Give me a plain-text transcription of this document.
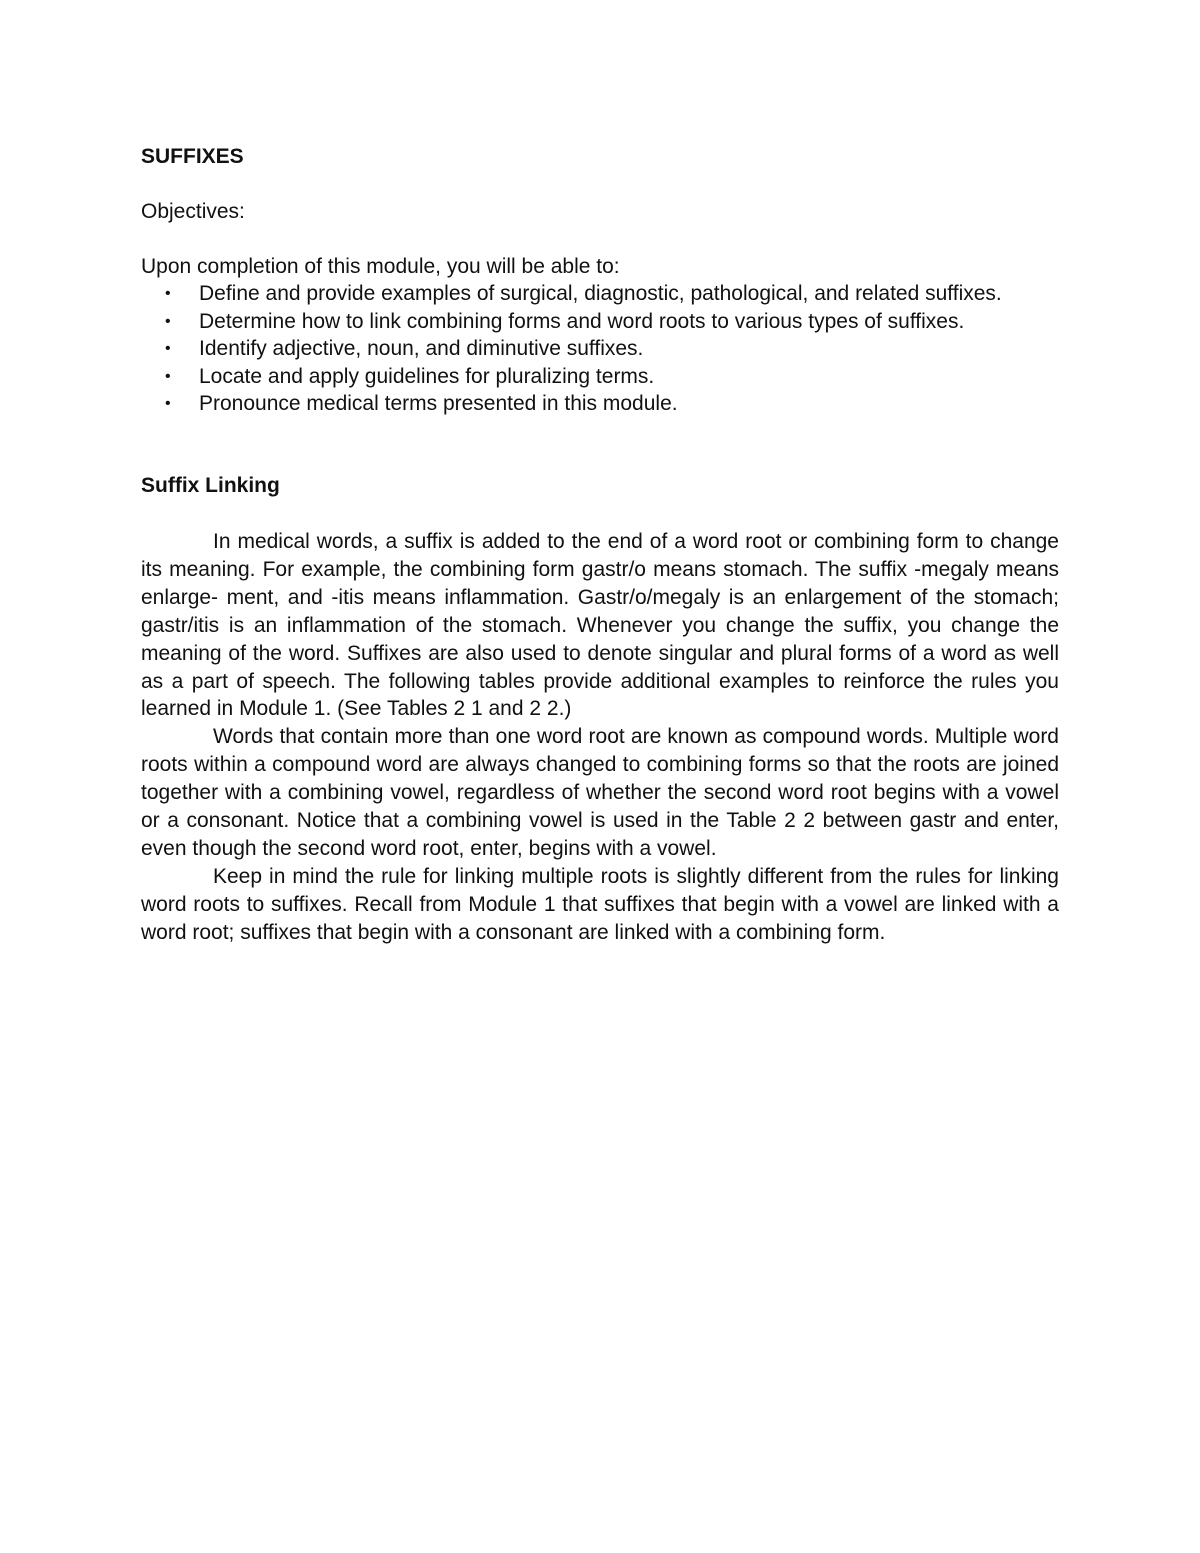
SUFFIXES

Objectives:

Upon completion of this module, you will be able to:

• Define and provide examples of surgical, diagnostic, pathological, and related suffixes.
• Determine how to link combining forms and word roots to various types of suffixes.
• Identify adjective, noun, and diminutive suffixes.
• Locate and apply guidelines for pluralizing terms.
• Pronounce medical terms presented in this module.
Suffix Linking

In medical words, a suffix is added to the end of a word root or combining form to change its meaning. For example, the combining form gastr/o means stomach. The suffix -megaly means enlarge- ment, and -itis means inflammation. Gastr/o/megaly is an enlargement of the stomach; gastr/itis is an inflammation of the stomach. Whenever you change the suffix, you change the meaning of the word. Suffixes are also used to denote singular and plural forms of a word as well as a part of speech. The following tables provide additional examples to reinforce the rules you learned in Module 1. (See Tables 2 1 and 2 2.)

Words that contain more than one word root are known as compound words. Multiple word roots within a compound word are always changed to combining forms so that the roots are joined together with a combining vowel, regardless of whether the second word root begins with a vowel or a consonant. Notice that a combining vowel is used in the Table 2 2 between gastr and enter, even though the second word root, enter, begins with a vowel.

Keep in mind the rule for linking multiple roots is slightly different from the rules for linking word roots to suffixes. Recall from Module 1 that suffixes that begin with a vowel are linked with a word root; suffixes that begin with a consonant are linked with a combining form.
